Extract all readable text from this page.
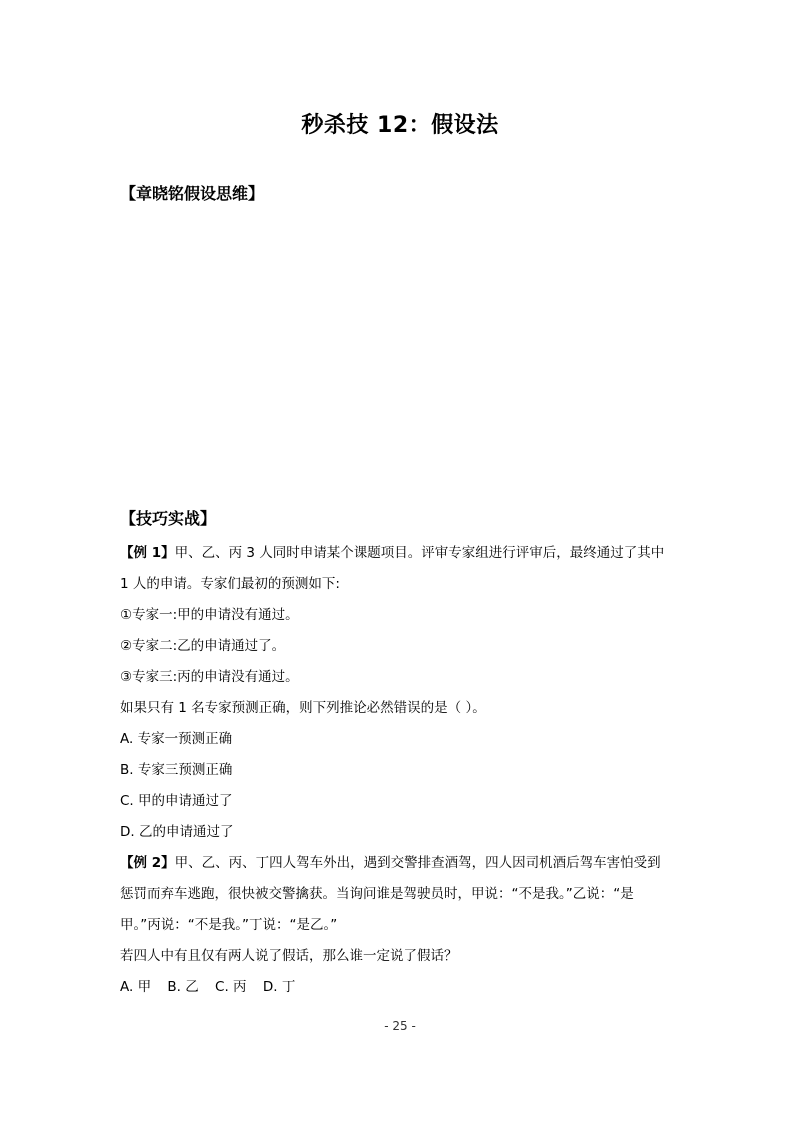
秒杀技 12：假设法
【章晓铭假设思维】
【技巧实战】
【例 1】甲、乙、丙 3 人同时申请某个课题项目。评审专家组进行评审后，最终通过了其中
1 人的申请。专家们最初的预测如下:
①专家一:甲的申请没有通过。
②专家二:乙的申请通过了。
③专家三:丙的申请没有通过。
如果只有 1 名专家预测正确，则下列推论必然错误的是（ ）。
A. 专家一预测正确
B. 专家三预测正确
C. 甲的申请通过了
D. 乙的申请通过了
【例 2】甲、乙、丙、丁四人驾车外出，遇到交警排查酒驾，四人因司机酒后驾车害怕受到
惩罚而弃车逃跑，很快被交警擒获。当询问谁是驾驶员时，甲说：“不是我。”乙说：“是
甲。”丙说：“不是我。”丁说：“是乙。”
若四人中有且仅有两人说了假话，那么谁一定说了假话？
A. 甲 B. 乙 C. 丙 D. 丁
- 25 -
